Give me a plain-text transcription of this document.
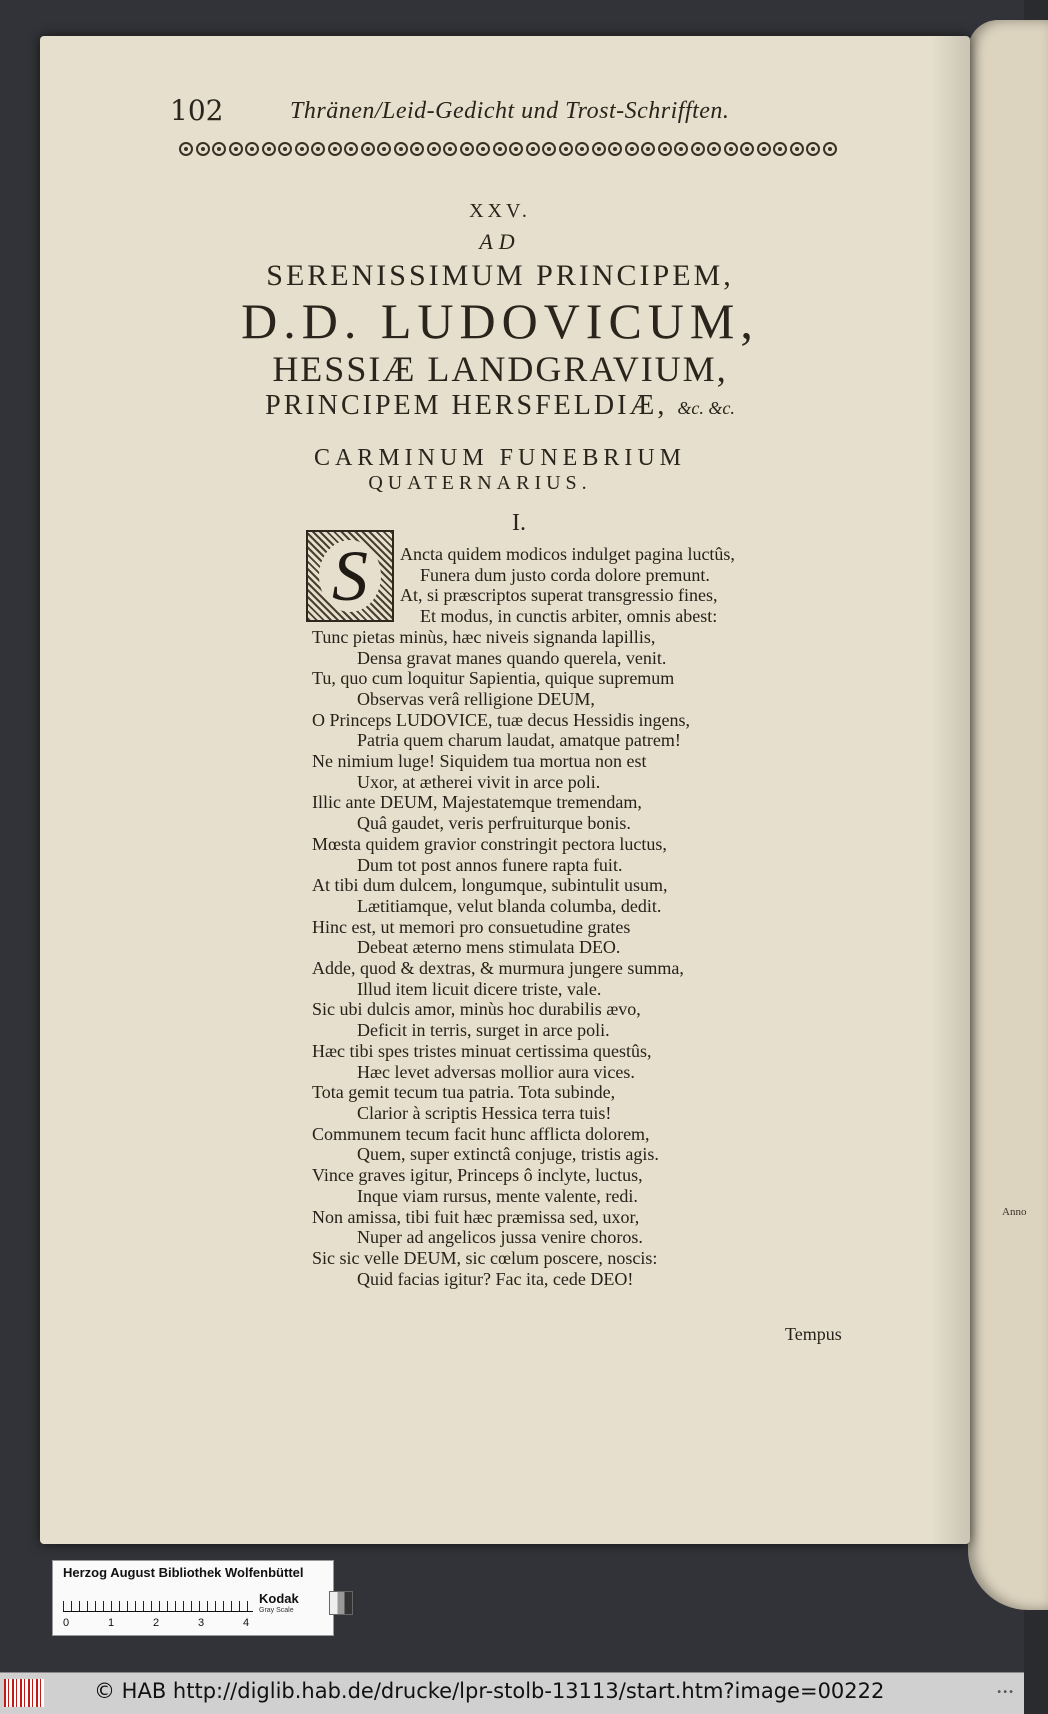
Anno
102	Thränen/Leid-Gedicht und Trost-Schrifften.
XXV.
AD
SERENISSIMUM PRINCIPEM,
D.D. LUDOVICUM,
HESSIÆ LANDGRAVIUM,
PRINCIPEM HERSFELDIÆ, &c. &c.
CARMINUM FUNEBRIUM
QUATERNARIUS.
I.
S	Ancta quidem modicos indulget pagina luctûs,
Funera dum justo corda dolore premunt.
At, si præscriptos superat transgressio fines,
Et modus, in cunctis arbiter, omnis abest:
Tunc pietas minùs, hæc niveis signanda lapillis,
Densa gravat manes quando querela, venit.
Tu, quo cum loquitur Sapientia, quique supremum
Observas verâ relligione DEUM,
O Princeps LUDOVICE, tuæ decus Hessidis ingens,
Patria quem charum laudat, amatque patrem!
Ne nimium luge! Siquidem tua mortua non est
Uxor, at ætherei vivit in arce poli.
Illic ante DEUM, Majestatemque tremendam,
Quâ gaudet, veris perfruiturque bonis.
Mœsta quidem gravior constringit pectora luctus,
Dum tot post annos funere rapta fuit.
At tibi dum dulcem, longumque, subintulit usum,
Lætitiamque, velut blanda columba, dedit.
Hinc est, ut memori pro consuetudine grates
Debeat æterno mens stimulata DEO.
Adde, quod & dextras, & murmura jungere summa,
Illud item licuit dicere triste, vale.
Sic ubi dulcis amor, minùs hoc durabilis ævo,
Deficit in terris, surget in arce poli.
Hæc tibi spes tristes minuat certissima questûs,
Hæc levet adversas mollior aura vices.
Tota gemit tecum tua patria. Tota subinde,
Clarior à scriptis Hessica terra tuis!
Communem tecum facit hunc afflicta dolorem,
Quem, super extinctâ conjuge, tristis agis.
Vince graves igitur, Princeps ô inclyte, luctus,
Inque viam rursus, mente valente, redi.
Non amissa, tibi fuit hæc præmissa sed, uxor,
Nuper ad angelicos jussa venire choros.
Sic sic velle DEUM, sic cœlum poscere, noscis:
Quid facias igitur? Fac ita, cede DEO!
Tempus
Herzog August Bibliothek Wolfenbüttel
0	1	2	3	4
Kodak
Gray Scale
© HAB http://diglib.hab.de/drucke/lpr-stolb-13113/start.htm?image=00222	•••
